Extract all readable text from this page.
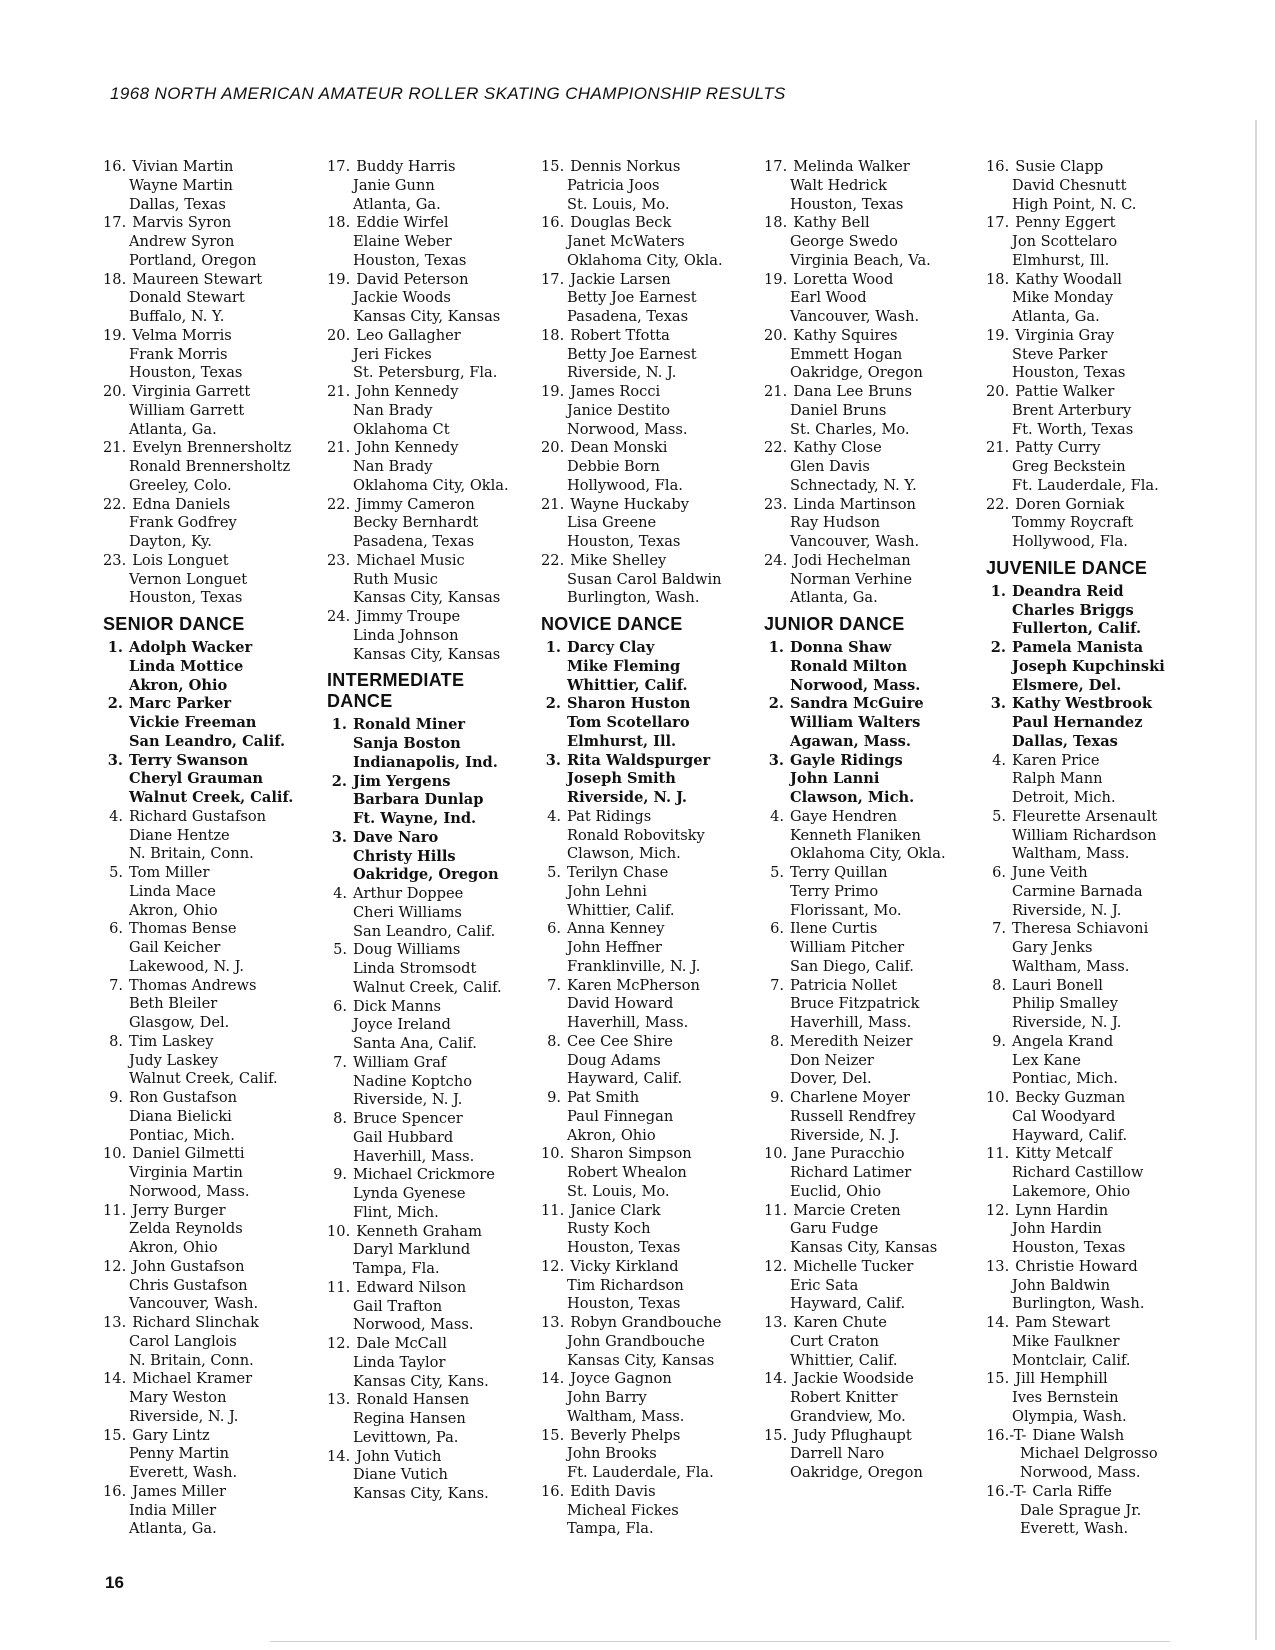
1968 NORTH AMERICAN AMATEUR ROLLER SKATING CHAMPIONSHIP RESULTS
16. Vivian Martin
Wayne Martin
Dallas, Texas
17. Marvis Syron
Andrew Syron
Portland, Oregon
18. Maureen Stewart
Donald Stewart
Buffalo, N. Y.
19. Velma Morris
Frank Morris
Houston, Texas
20. Virginia Garrett
William Garrett
Atlanta, Ga.
21. Evelyn Brennersholtz
Ronald Brennersholtz
Greeley, Colo.
22. Edna Daniels
Frank Godfrey
Dayton, Ky.
23. Lois Longuet
Vernon Longuet
Houston, Texas
SENIOR DANCE
1. Adolph Wacker
Linda Mottice
Akron, Ohio
2. Marc Parker
Vickie Freeman
San Leandro, Calif.
3. Terry Swanson
Cheryl Grauman
Walnut Creek, Calif.
4. Richard Gustafson
Diane Hentze
N. Britain, Conn.
5. Tom Miller
Linda Mace
Akron, Ohio
6. Thomas Bense
Gail Keicher
Lakewood, N. J.
7. Thomas Andrews
Beth Bleiler
Glasgow, Del.
8. Tim Laskey
Judy Laskey
Walnut Creek, Calif.
9. Ron Gustafson
Diana Bielicki
Pontiac, Mich.
10. Daniel Gilmetti
Virginia Martin
Norwood, Mass.
11. Jerry Burger
Zelda Reynolds
Akron, Ohio
12. John Gustafson
Chris Gustafson
Vancouver, Wash.
13. Richard Slinchak
Carol Langlois
N. Britain, Conn.
14. Michael Kramer
Mary Weston
Riverside, N. J.
15. Gary Lintz
Penny Martin
Everett, Wash.
16. James Miller
India Miller
Atlanta, Ga.
17. Buddy Harris
Janie Gunn
Atlanta, Ga.
18. Eddie Wirfel
Elaine Weber
Houston, Texas
19. David Peterson
Jackie Woods
Kansas City, Kansas
20. Leo Gallagher
Jeri Fickes
St. Petersburg, Fla.
21. John Kennedy
Nan Brady
Oklahoma Ct
21. John Kennedy
Nan Brady
Oklahoma City, Okla.
22. Jimmy Cameron
Becky Bernhardt
Pasadena, Texas
23. Michael Music
Ruth Music
Kansas City, Kansas
24. Jimmy Troupe
Linda Johnson
Kansas City, Kansas
INTERMEDIATE DANCE
1. Ronald Miner
Sanja Boston
Indianapolis, Ind.
2. Jim Yergens
Barbara Dunlap
Ft. Wayne, Ind.
3. Dave Naro
Christy Hills
Oakridge, Oregon
4. Arthur Doppee
Cheri Williams
San Leandro, Calif.
5. Doug Williams
Linda Stromsodt
Walnut Creek, Calif.
6. Dick Manns
Joyce Ireland
Santa Ana, Calif.
7. William Graf
Nadine Koptcho
Riverside, N. J.
8. Bruce Spencer
Gail Hubbard
Haverhill, Mass.
9. Michael Crickmore
Lynda Gyenese
Flint, Mich.
10. Kenneth Graham
Daryl Marklund
Tampa, Fla.
11. Edward Nilson
Gail Trafton
Norwood, Mass.
12. Dale McCall
Linda Taylor
Kansas City, Kans.
13. Ronald Hansen
Regina Hansen
Levittown, Pa.
14. John Vutich
Diane Vutich
Kansas City, Kans.
15. Dennis Norkus
Patricia Joos
St. Louis, Mo.
16. Douglas Beck
Janet McWaters
Oklahoma City, Okla.
17. Jackie Larsen
Betty Joe Earnest
Pasadena, Texas
18. Robert Tfotta
Betty Joe Earnest
Riverside, N. J.
19. James Rocci
Janice Destito
Norwood, Mass.
20. Dean Monski
Debbie Born
Hollywood, Fla.
21. Wayne Huckaby
Lisa Greene
Houston, Texas
22. Mike Shelley
Susan Carol Baldwin
Burlington, Wash.
NOVICE DANCE
1. Darcy Clay
Mike Fleming
Whittier, Calif.
2. Sharon Huston
Tom Scotellaro
Elmhurst, Ill.
3. Rita Waldspurger
Joseph Smith
Riverside, N. J.
4. Pat Ridings
Ronald Robovitsky
Clawson, Mich.
5. Terilyn Chase
John Lehni
Whittier, Calif.
6. Anna Kenney
John Heffner
Franklinville, N. J.
7. Karen McPherson
David Howard
Haverhill, Mass.
8. Cee Cee Shire
Doug Adams
Hayward, Calif.
9. Pat Smith
Paul Finnegan
Akron, Ohio
10. Sharon Simpson
Robert Whealon
St. Louis, Mo.
11. Janice Clark
Rusty Koch
Houston, Texas
12. Vicky Kirkland
Tim Richardson
Houston, Texas
13. Robyn Grandbouche
John Grandbouche
Kansas City, Kansas
14. Joyce Gagnon
John Barry
Waltham, Mass.
15. Beverly Phelps
John Brooks
Ft. Lauderdale, Fla.
16. Edith Davis
Micheal Fickes
Tampa, Fla.
17. Melinda Walker
Walt Hedrick
Houston, Texas
18. Kathy Bell
George Swedo
Virginia Beach, Va.
19. Loretta Wood
Earl Wood
Vancouver, Wash.
20. Kathy Squires
Emmett Hogan
Oakridge, Oregon
21. Dana Lee Bruns
Daniel Bruns
St. Charles, Mo.
22. Kathy Close
Glen Davis
Schnectady, N. Y.
23. Linda Martinson
Ray Hudson
Vancouver, Wash.
24. Jodi Hechelman
Norman Verhine
Atlanta, Ga.
JUNIOR DANCE
1. Donna Shaw
Ronald Milton
Norwood, Mass.
2. Sandra McGuire
William Walters
Agawan, Mass.
3. Gayle Ridings
John Lanni
Clawson, Mich.
4. Gaye Hendren
Kenneth Flaniken
Oklahoma City, Okla.
5. Terry Quillan
Terry Primo
Florissant, Mo.
6. Ilene Curtis
William Pitcher
San Diego, Calif.
7. Patricia Nollet
Bruce Fitzpatrick
Haverhill, Mass.
8. Meredith Neizer
Don Neizer
Dover, Del.
9. Charlene Moyer
Russell Rendfrey
Riverside, N. J.
10. Jane Puracchio
Richard Latimer
Euclid, Ohio
11. Marcie Creten
Garu Fudge
Kansas City, Kansas
12. Michelle Tucker
Eric Sata
Hayward, Calif.
13. Karen Chute
Curt Craton
Whittier, Calif.
14. Jackie Woodside
Robert Knitter
Grandview, Mo.
15. Judy Pflughaupt
Darrell Naro
Oakridge, Oregon
16. Susie Clapp
David Chesnutt
High Point, N. C.
17. Penny Eggert
Jon Scottelaro
Elmhurst, Ill.
18. Kathy Woodall
Mike Monday
Atlanta, Ga.
19. Virginia Gray
Steve Parker
Houston, Texas
20. Pattie Walker
Brent Arterbury
Ft. Worth, Texas
21. Patty Curry
Greg Beckstein
Ft. Lauderdale, Fla.
22. Doren Gorniak
Tommy Roycraft
Hollywood, Fla.
JUVENILE DANCE
1. Deandra Reid
Charles Briggs
Fullerton, Calif.
2. Pamela Manista
Joseph Kupchinski
Elsmere, Del.
3. Kathy Westbrook
Paul Hernandez
Dallas, Texas
4. Karen Price
Ralph Mann
Detroit, Mich.
5. Fleurette Arsenault
William Richardson
Waltham, Mass.
6. June Veith
Carmine Barnada
Riverside, N. J.
7. Theresa Schiavoni
Gary Jenks
Waltham, Mass.
8. Lauri Bonell
Philip Smalley
Riverside, N. J.
9. Angela Krand
Lex Kane
Pontiac, Mich.
10. Becky Guzman
Cal Woodyard
Hayward, Calif.
11. Kitty Metcalf
Richard Castillow
Lakemore, Ohio
12. Lynn Hardin
John Hardin
Houston, Texas
13. Christie Howard
John Baldwin
Burlington, Wash.
14. Pam Stewart
Mike Faulkner
Montclair, Calif.
15. Jill Hemphill
Ives Bernstein
Olympia, Wash.
16.-T- Diane Walsh
Michael Delgrosso
Norwood, Mass.
16.-T- Carla Riffe
Dale Sprague Jr.
Everett, Wash.
16
